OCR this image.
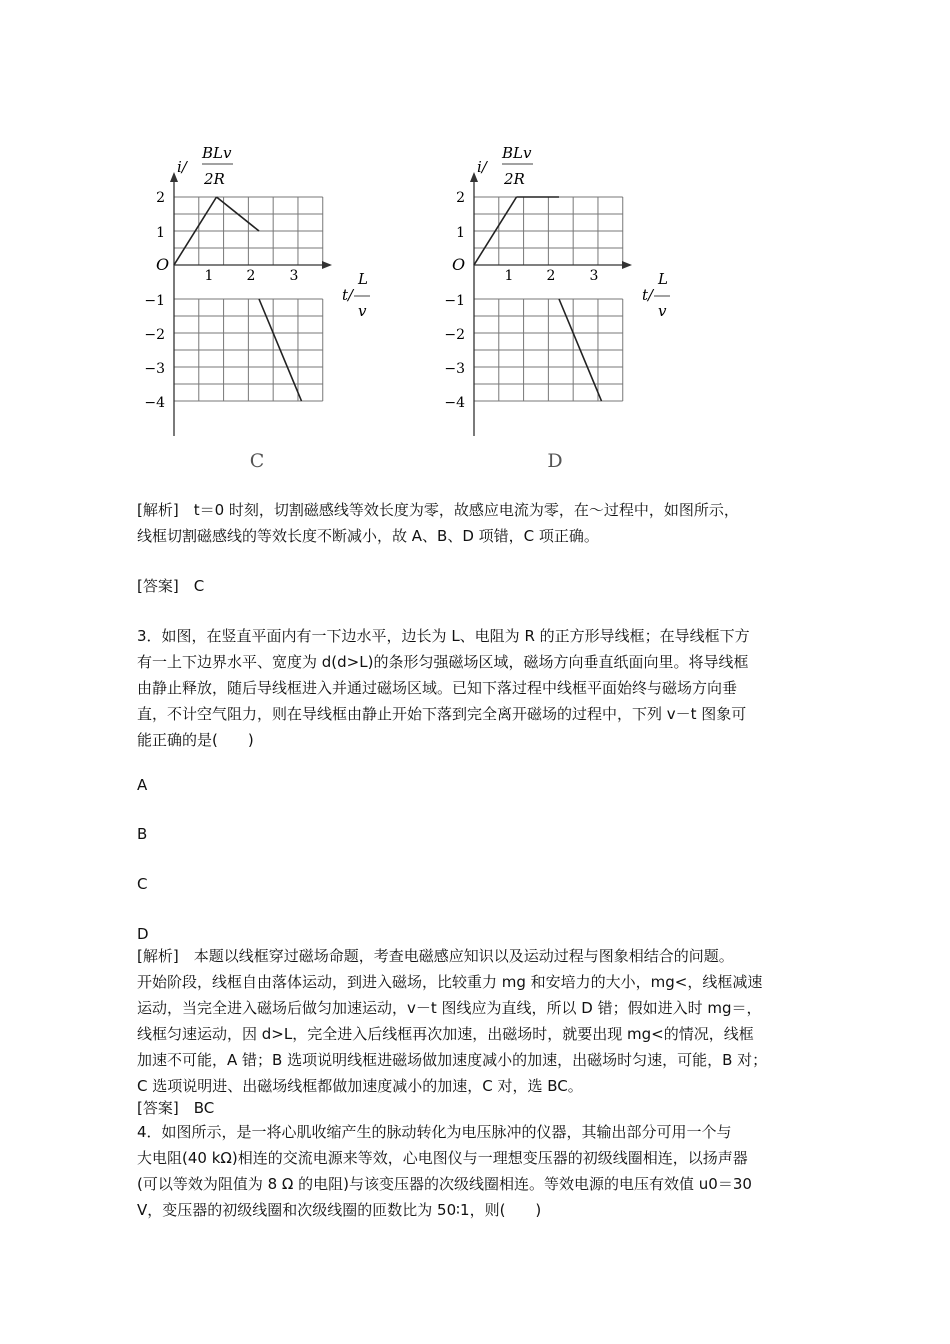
i/
BLv
2R
t/
L
v
O
1 2 3
2
1
−1
−2
−3
−4
C
i/
BLv
2R
t/
L
v
O
1 2 3
2
1
−1
−2
−3
−4
D
[解析]　t＝0 时刻，切割磁感线等效长度为零，故感应电流为零，在～过程中，如图所示，
线框切割磁感线的等效长度不断减小，故 A、B、D 项错，C 项正确。
[答案]　C
3．如图，在竖直平面内有一下边水平，边长为 L、电阻为 R 的正方形导线框；在导线框下方
有一上下边界水平、宽度为 d(d>L)的条形匀强磁场区域，磁场方向垂直纸面向里。将导线框
由静止释放，随后导线框进入并通过磁场区域。已知下落过程中线框平面始终与磁场方向垂
直，不计空气阻力，则在导线框由静止开始下落到完全离开磁场的过程中，下列 v－t 图象可
能正确的是(　　)
A
B
C
D
[解析]　本题以线框穿过磁场命题，考查电磁感应知识以及运动过程与图象相结合的问题。
开始阶段，线框自由落体运动，到进入磁场，比较重力 mg 和安培力的大小，mg<，线框减速
运动，当完全进入磁场后做匀加速运动，v－t 图线应为直线，所以 D 错；假如进入时 mg＝，
线框匀速运动，因 d>L，完全进入后线框再次加速，出磁场时，就要出现 mg<的情况，线框
加速不可能，A 错；B 选项说明线框进磁场做加速度减小的加速，出磁场时匀速，可能，B 对；
C 选项说明进、出磁场线框都做加速度减小的加速，C 对，选 BC。
[答案]　BC
4．如图所示，是一将心肌收缩产生的脉动转化为电压脉冲的仪器，其输出部分可用一个与
大电阻(40 kΩ)相连的交流电源来等效，心电图仪与一理想变压器的初级线圈相连，以扬声器
(可以等效为阻值为 8 Ω 的电阻)与该变压器的次级线圈相连。等效电源的电压有效值 u0＝30
V，变压器的初级线圈和次级线圈的匝数比为 50∶1，则(　　)
